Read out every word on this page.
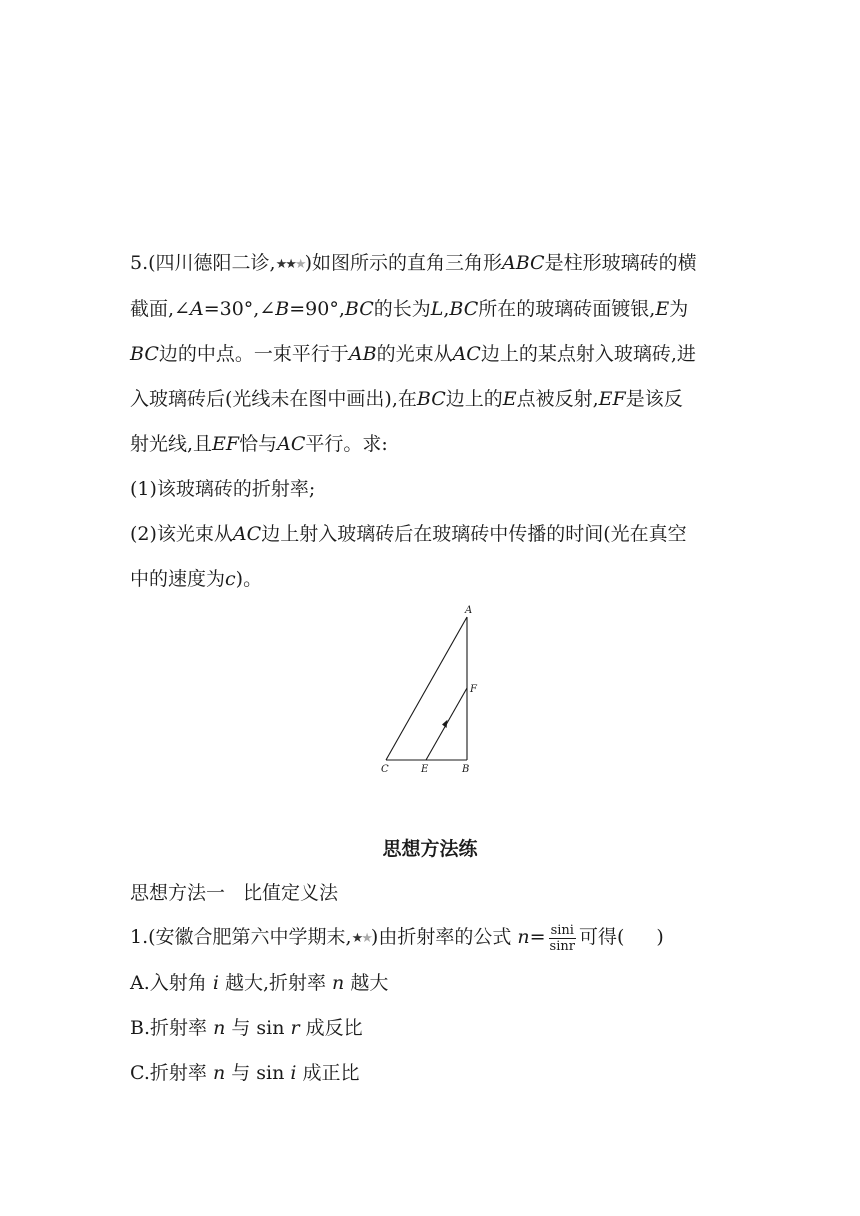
5.(四川德阳二诊,★★★)如图所示的直角三角形ABC是柱形玻璃砖的横
截面,∠A=30°,∠B=90°,BC的长为L,BC所在的玻璃砖面镀银,E为
BC边的中点。一束平行于AB的光束从AC边上的某点射入玻璃砖,进
入玻璃砖后(光线未在图中画出),在BC边上的E点被反射,EF是该反
射光线,且EF恰与AC平行。求:
(1)该玻璃砖的折射率;
(2)该光束从AC边上射入玻璃砖后在玻璃砖中传播的时间(光在真空
中的速度为c)。
A
F
C	E	B
思想方法练
思想方法一 比值定义法
1.(安徽合肥第六中学期末,★★)由折射率的公式 $n= \frac{\sin i}{\sin r}$ 可得( )
A.入射角 i 越大,折射率 n 越大
B.折射率 n 与 sin r 成反比
C.折射率 n 与 sin i 成正比
